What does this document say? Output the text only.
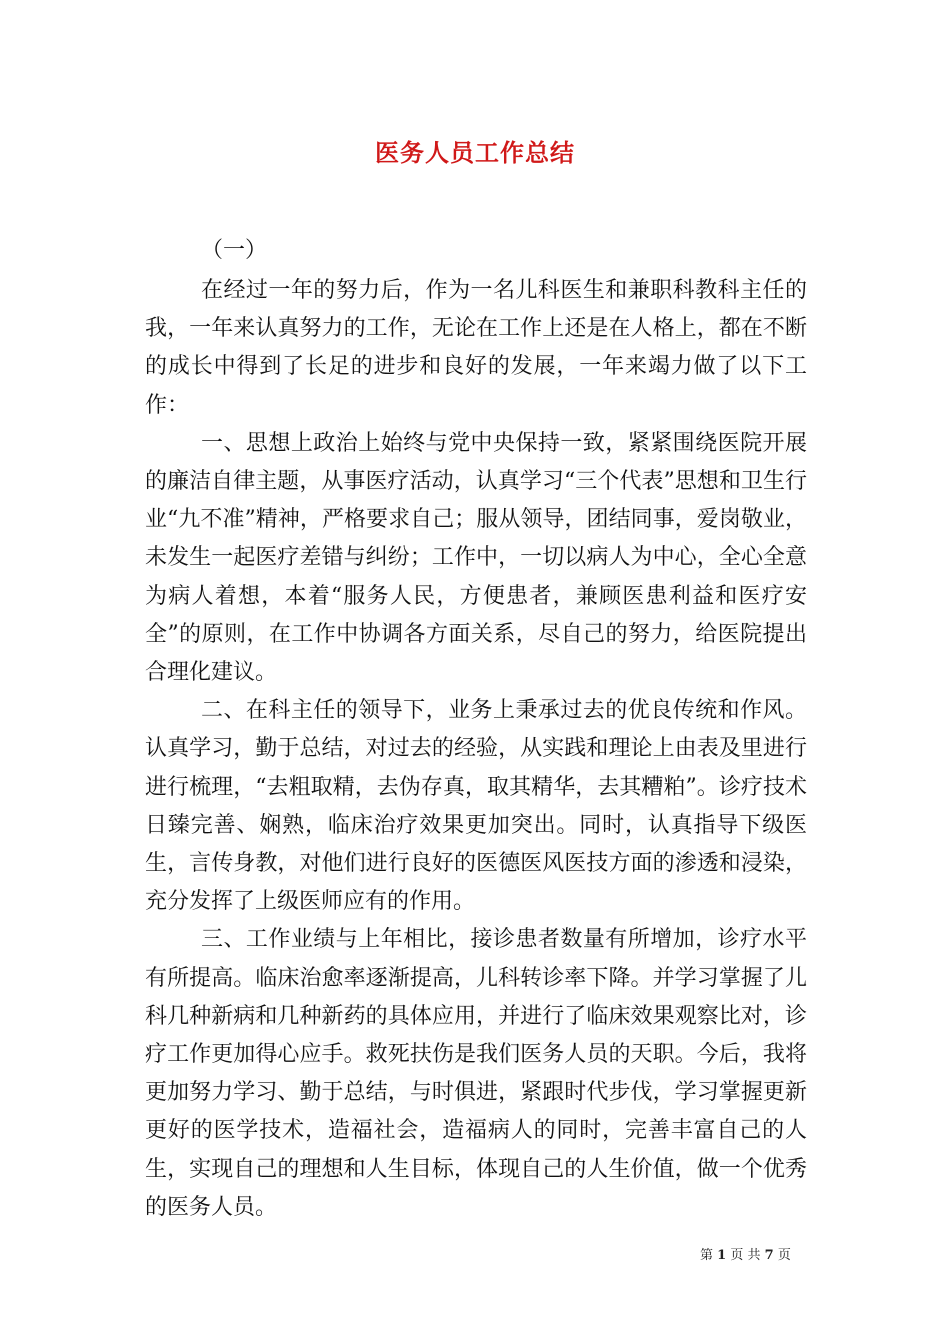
医务人员工作总结

（一）

在经过一年的努力后，作为一名儿科医生和兼职科教科主任的我，一年来认真努力的工作，无论在工作上还是在人格上，都在不断的成长中得到了长足的进步和良好的发展，一年来竭力做了以下工作：

一、思想上政治上始终与党中央保持一致，紧紧围绕医院开展的廉洁自律主题，从事医疗活动，认真学习“三个代表”思想和卫生行业“九不准”精神，严格要求自己；服从领导，团结同事，爱岗敬业，未发生一起医疗差错与纠纷；工作中，一切以病人为中心，全心全意为病人着想，本着“服务人民，方便患者，兼顾医患利益和医疗安全”的原则，在工作中协调各方面关系，尽自己的努力，给医院提出合理化建议。

二、在科主任的领导下，业务上秉承过去的优良传统和作风。认真学习，勤于总结，对过去的经验，从实践和理论上由表及里进行进行梳理，“去粗取精，去伪存真，取其精华，去其糟粕”。诊疗技术日臻完善、娴熟，临床治疗效果更加突出。同时，认真指导下级医生，言传身教，对他们进行良好的医德医风医技方面的渗透和浸染，充分发挥了上级医师应有的作用。

三、工作业绩与上年相比，接诊患者数量有所增加，诊疗水平有所提高。临床治愈率逐渐提高，儿科转诊率下降。并学习掌握了儿科几种新病和几种新药的具体应用，并进行了临床效果观察比对，诊疗工作更加得心应手。救死扶伤是我们医务人员的天职。今后，我将更加努力学习、勤于总结，与时俱进，紧跟时代步伐，学习掌握更新更好的医学技术，造福社会，造福病人的同时，完善丰富自己的人生，实现自己的理想和人生目标，体现自己的人生价值，做一个优秀的医务人员。

第 1 页 共 7 页
